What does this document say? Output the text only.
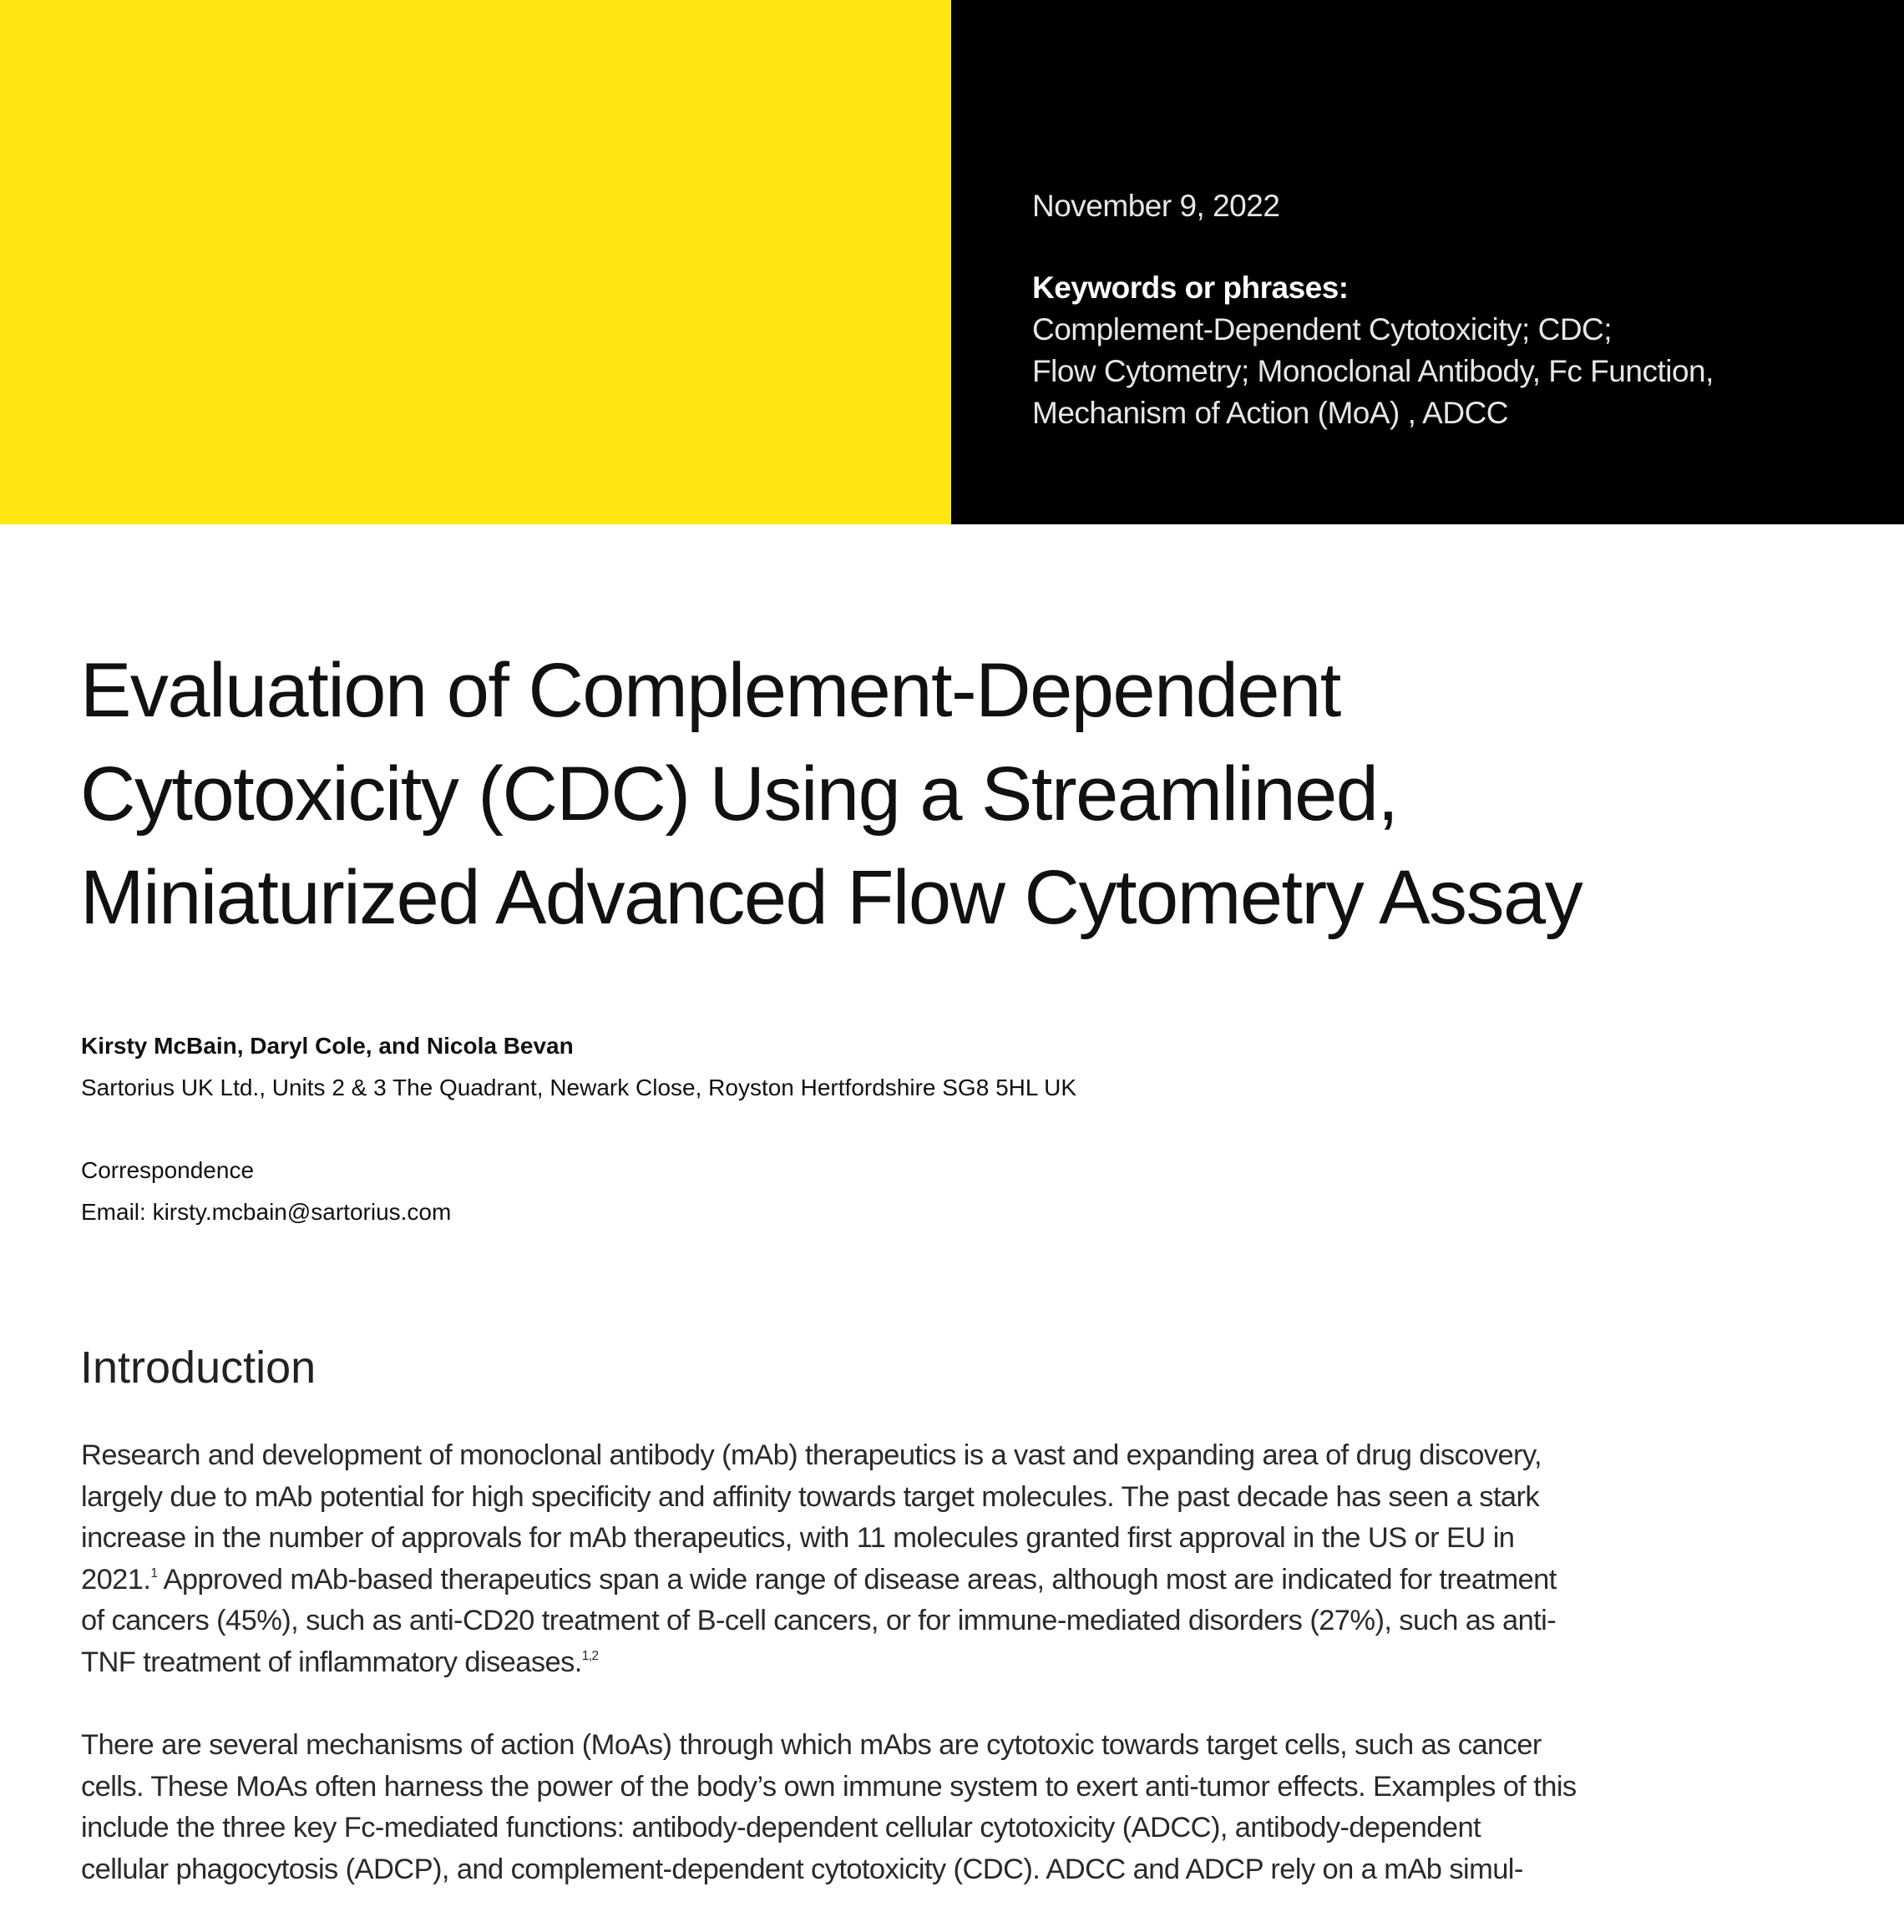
November 9, 2022
Keywords or phrases:
Complement-Dependent Cytotoxicity; CDC;
Flow Cytometry; Monoclonal Antibody, Fc Function,
Mechanism of Action (MoA) , ADCC
Evaluation of Complement-Dependent
Cytotoxicity (CDC) Using a Streamlined,
Miniaturized Advanced Flow Cytometry Assay
Kirsty McBain, Daryl Cole, and Nicola Bevan
Sartorius UK Ltd., Units 2 & 3 The Quadrant, Newark Close, Royston Hertfordshire SG8 5HL UK
Correspondence
Email: kirsty.mcbain@sartorius.com
Introduction

Research and development of monoclonal antibody (mAb) therapeutics is a vast and expanding area of drug discovery,
largely due to mAb potential for high specificity and affinity towards target molecules. The past decade has seen a stark
increase in the number of approvals for mAb therapeutics, with 11 molecules granted first approval in the US or EU in
2021.$^1$ Approved mAb-based therapeutics span a wide range of disease areas, although most are indicated for treatment
of cancers (45%), such as anti-CD20 treatment of B-cell cancers, or for immune-mediated disorders (27%), such as anti-
TNF treatment of inflammatory diseases.$^{1,2}$

There are several mechanisms of action (MoAs) through which mAbs are cytotoxic towards target cells, such as cancer
cells. These MoAs often harness the power of the body’s own immune system to exert anti-tumor effects. Examples of this
include the three key Fc-mediated functions: antibody-dependent cellular cytotoxicity (ADCC), antibody-dependent
cellular phagocytosis (ADCP), and complement-dependent cytotoxicity (CDC). ADCC and ADCP rely on a mAb simul-
